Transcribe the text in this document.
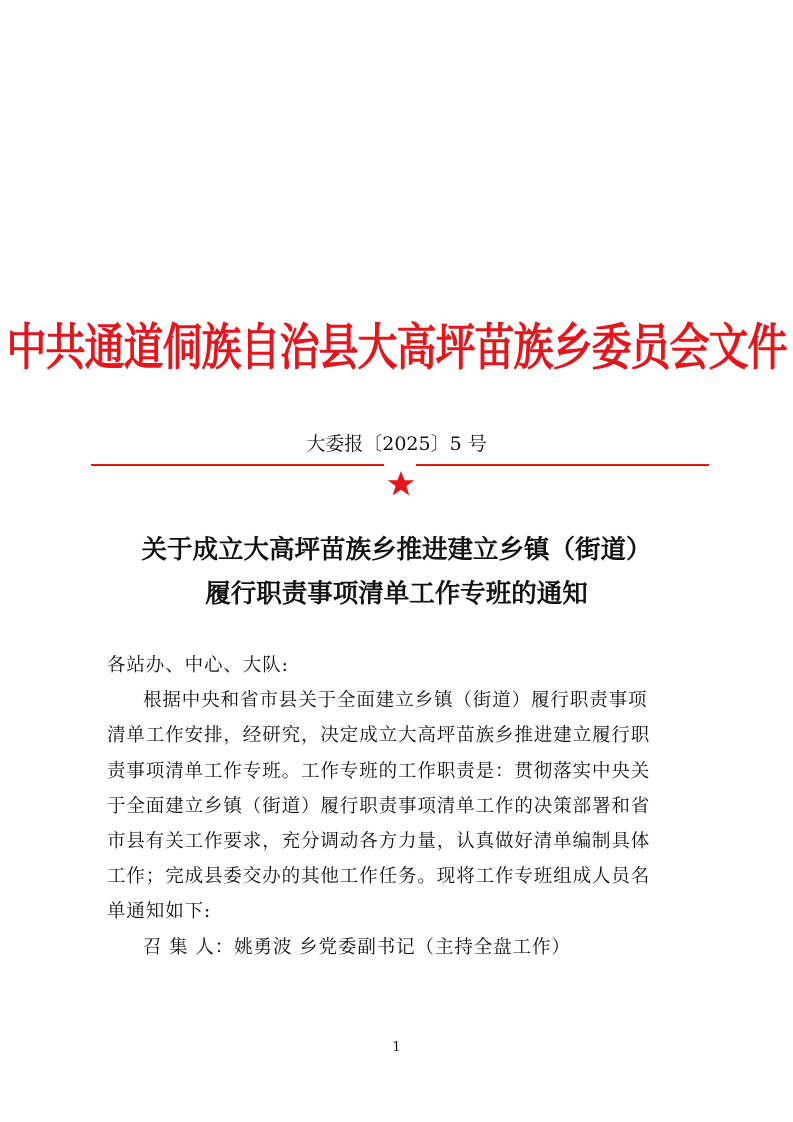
中共通道侗族自治县大高坪苗族乡委员会文件
大委报〔2025〕5 号
关于成立大高坪苗族乡推进建立乡镇（街道）
履行职责事项清单工作专班的通知

各站办、中心、大队:

根据中央和省市县关于全面建立乡镇（街道）履行职责事项

清单工作安排，经研究，决定成立大高坪苗族乡推进建立履行职

责事项清单工作专班。工作专班的工作职责是：贯彻落实中央关

于全面建立乡镇（街道）履行职责事项清单工作的决策部署和省

市县有关工作要求，充分调动各方力量，认真做好清单编制具体

工作；完成县委交办的其他工作任务。现将工作专班组成人员名

单通知如下:

召 集 人：姚勇波 乡党委副书记（主持全盘工作）

1
